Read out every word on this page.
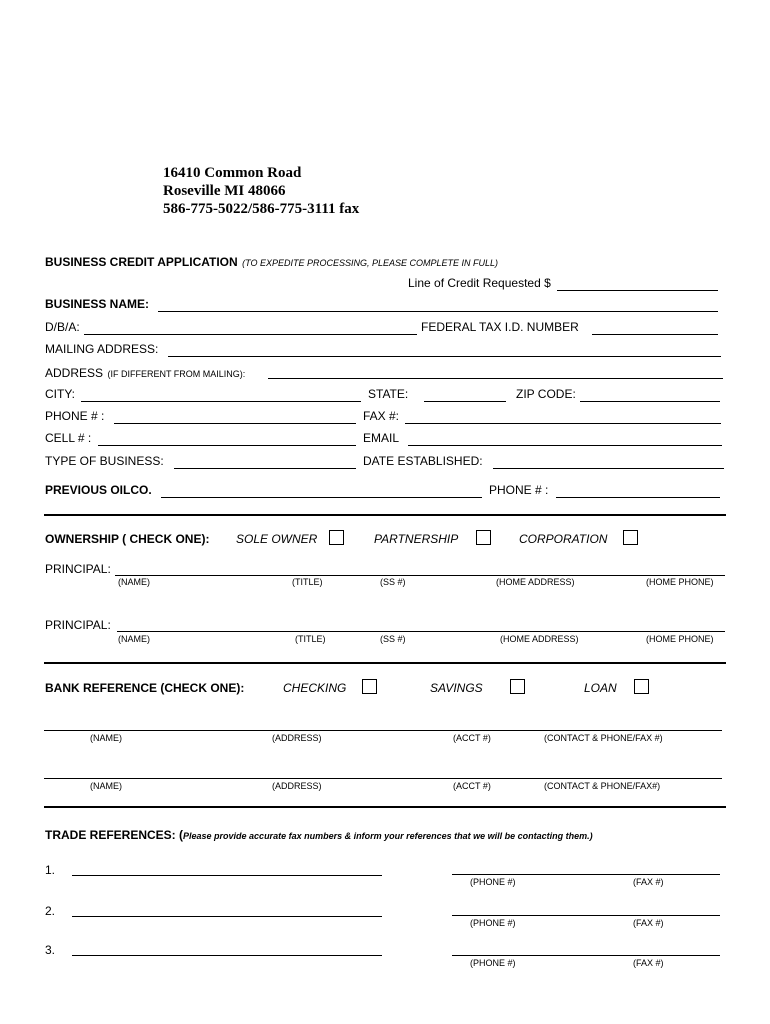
16410 Common Road
Roseville MI 48066
586-775-5022/586-775-3111 fax
BUSINESS CREDIT APPLICATION (TO EXPEDITE PROCESSING, PLEASE COMPLETE IN FULL)
Line of Credit Requested $
BUSINESS NAME:
D/B/A:	FEDERAL TAX I.D. NUMBER
MAILING ADDRESS:
ADDRESS (IF DIFFERENT FROM MAILING):
CITY:	STATE:	ZIP CODE:
PHONE # :	FAX #:
CELL # :	EMAIL
TYPE OF BUSINESS:	DATE ESTABLISHED:
PREVIOUS OILCO.	PHONE # :
OWNERSHIP ( CHECK ONE): SOLE OWNER	PARTNERSHIP	CORPORATION
PRINCIPAL:
(NAME)	(TITLE)	(SS #)	(HOME ADDRESS)	(HOME PHONE)
PRINCIPAL:
(NAME)	(TITLE)	(SS #)	(HOME ADDRESS)	(HOME PHONE)
BANK REFERENCE (CHECK ONE):	CHECKING	SAVINGS	LOAN
(NAME)	(ADDRESS)	(ACCT #)	(CONTACT & PHONE/FAX #)
(NAME)	(ADDRESS)	(ACCT #)	(CONTACT & PHONE/FAX#)
TRADE REFERENCES: (Please provide accurate fax numbers & inform your references that we will be contacting them.)
1.
(PHONE #)	(FAX #)
2.
(PHONE #)	(FAX #)
3.
(PHONE #)	(FAX #)
